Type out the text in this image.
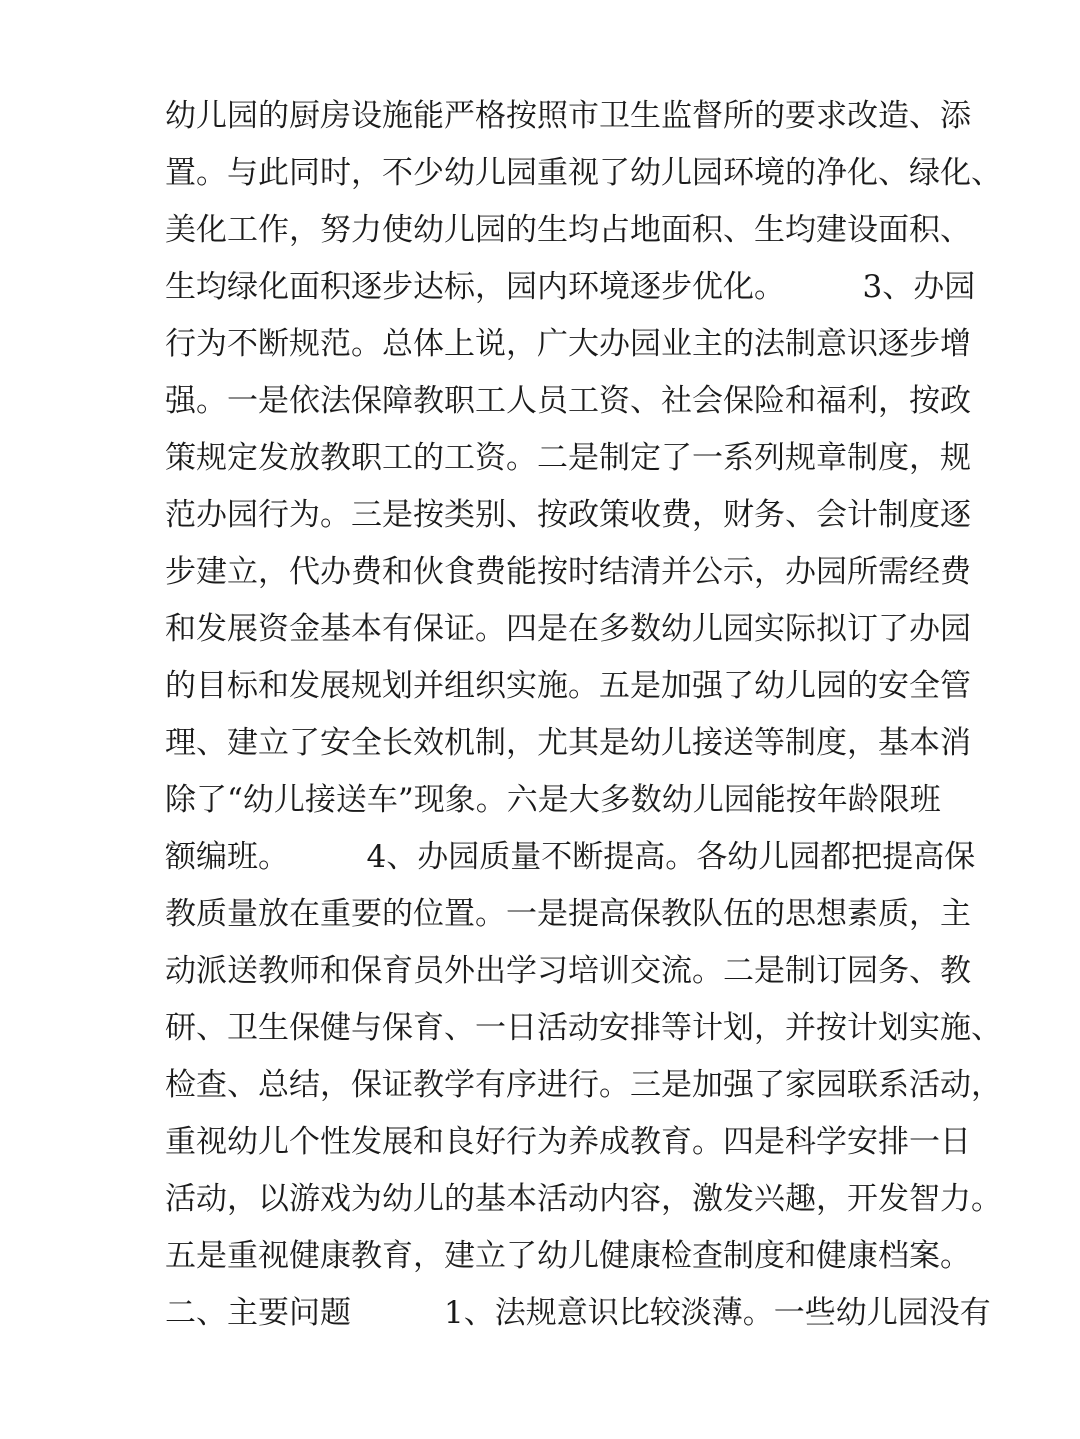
幼儿园的厨房设施能严格按照市卫生监督所的要求改造、添
置。与此同时，不少幼儿园重视了幼儿园环境的净化、绿化、
美化工作，努力使幼儿园的生均占地面积、生均建设面积、
生均绿化面积逐步达标，园内环境逐步优化。　　　3、办园
行为不断规范。总体上说，广大办园业主的法制意识逐步增
强。一是依法保障教职工人员工资、社会保险和福利，按政
策规定发放教职工的工资。二是制定了一系列规章制度，规
范办园行为。三是按类别、按政策收费，财务、会计制度逐
步建立，代办费和伙食费能按时结清并公示，办园所需经费
和发展资金基本有保证。四是在多数幼儿园实际拟订了办园
的目标和发展规划并组织实施。五是加强了幼儿园的安全管
理、建立了安全长效机制，尤其是幼儿接送等制度，基本消
除了“幼儿接送车”现象。六是大多数幼儿园能按年龄限班
额编班。　　　4、办园质量不断提高。各幼儿园都把提高保
教质量放在重要的位置。一是提高保教队伍的思想素质，主
动派送教师和保育员外出学习培训交流。二是制订园务、教
研、卫生保健与保育、一日活动安排等计划，并按计划实施、
检查、总结，保证教学有序进行。三是加强了家园联系活动，
重视幼儿个性发展和良好行为养成教育。四是科学安排一日
活动，以游戏为幼儿的基本活动内容，激发兴趣，开发智力。
五是重视健康教育，建立了幼儿健康检查制度和健康档案。
二、主要问题　　　1、法规意识比较淡薄。一些幼儿园没有
